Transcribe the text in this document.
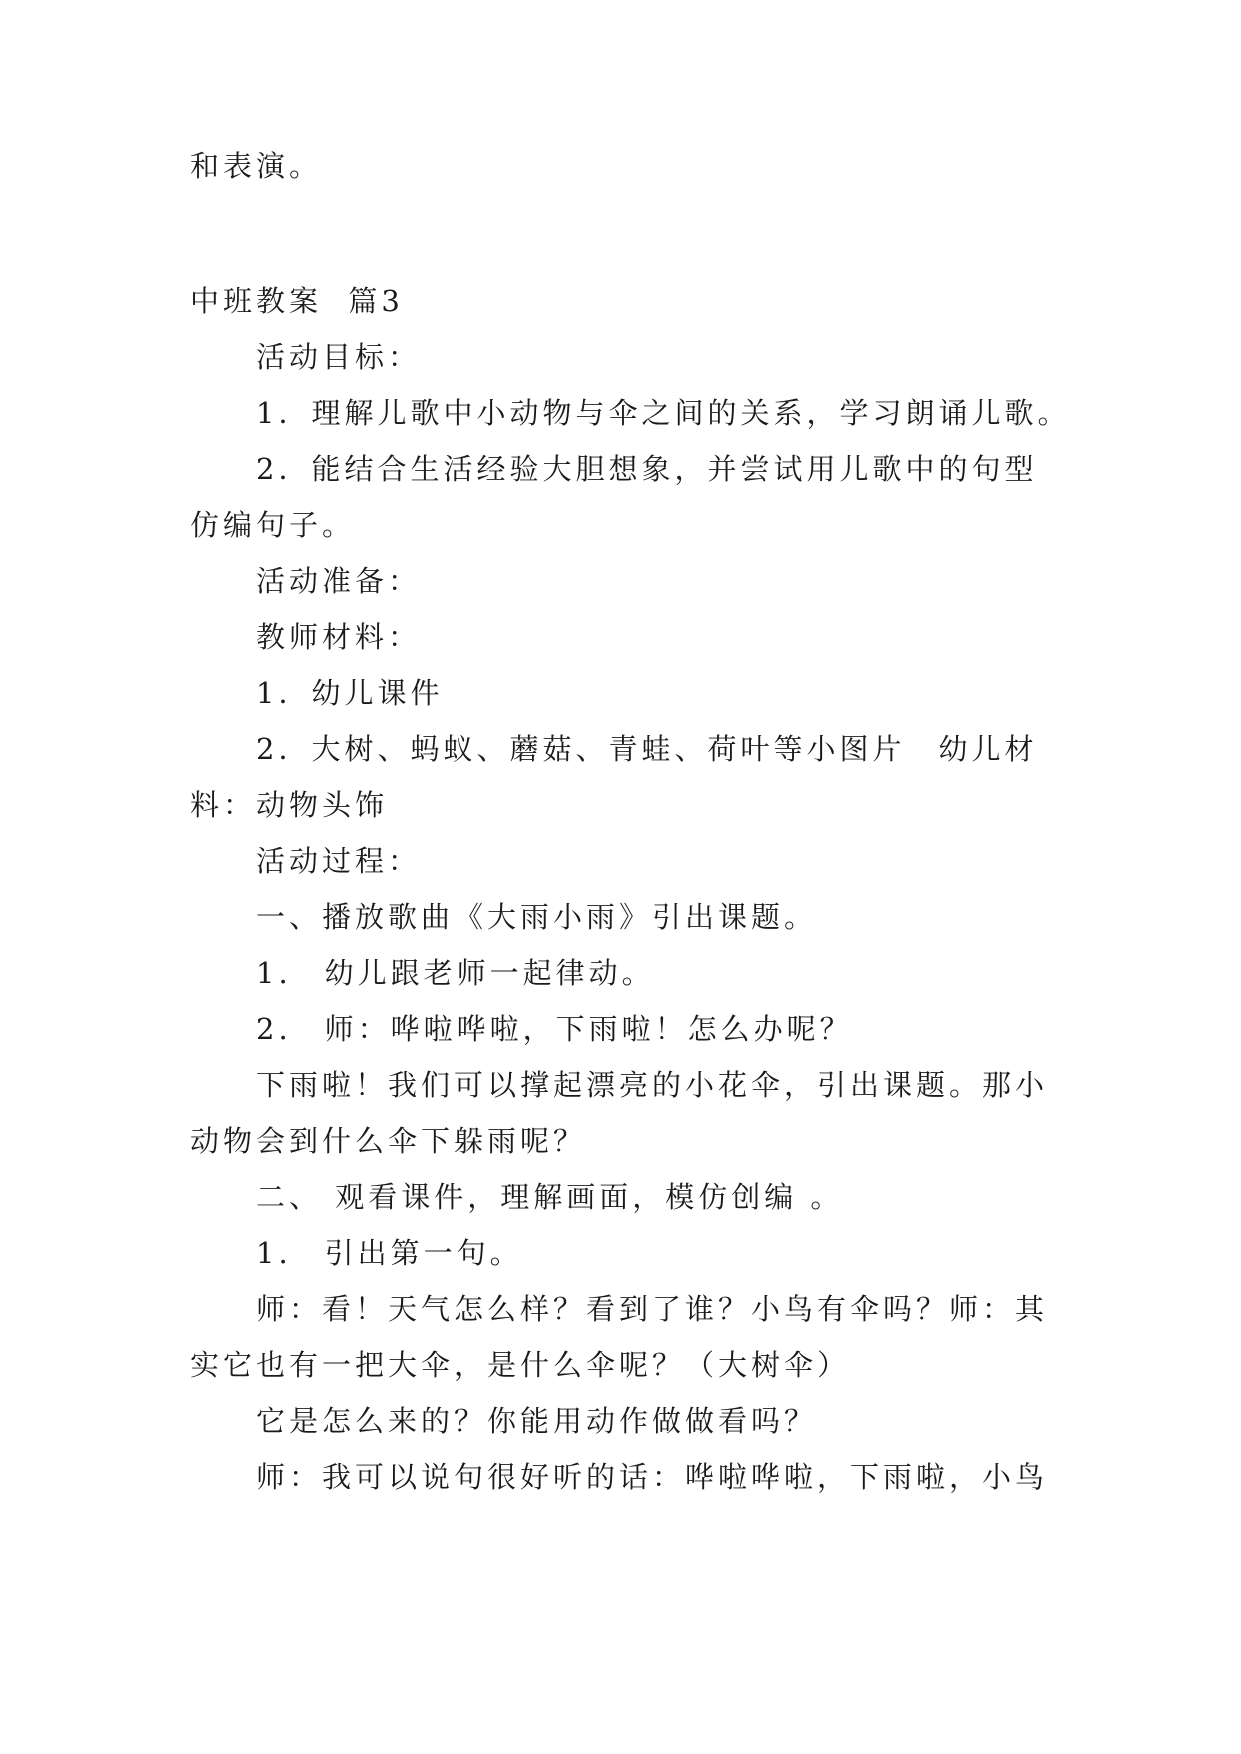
和表演。
中班教案  篇3
活动目标：
1．理解儿歌中小动物与伞之间的关系，学习朗诵儿歌。
2．能结合生活经验大胆想象，并尝试用儿歌中的句型
仿编句子。
活动准备：
教师材料：
1．幼儿课件
2．大树、蚂蚁、蘑菇、青蛙、荷叶等小图片　幼儿材
料：动物头饰
活动过程：
一、播放歌曲《大雨小雨》引出课题。
1.　幼儿跟老师一起律动。
2.　师：哗啦哗啦，下雨啦！怎么办呢？
下雨啦！我们可以撑起漂亮的小花伞，引出课题。那小
动物会到什么伞下躲雨呢？
二、 观看课件，理解画面，模仿创编 。
1.　引出第一句。
师：看！天气怎么样？看到了谁？小鸟有伞吗？师：其
实它也有一把大伞，是什么伞呢？（大树伞）
它是怎么来的？你能用动作做做看吗？
师：我可以说句很好听的话：哗啦哗啦，下雨啦，小鸟
